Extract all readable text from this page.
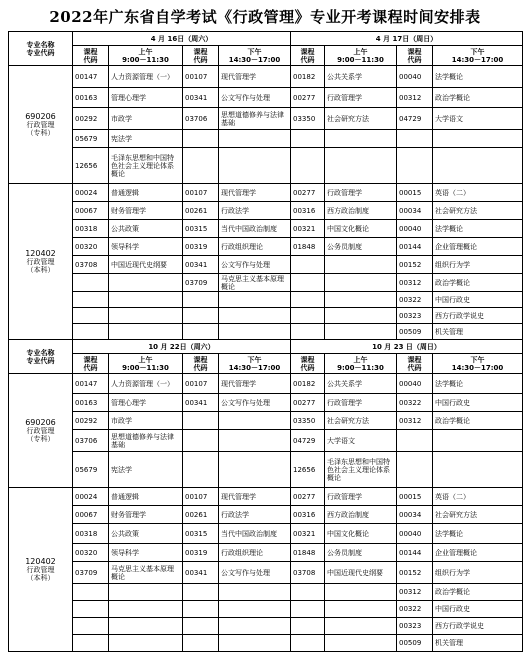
2022年广东省自学考试《行政管理》专业开考课程时间安排表
专业名称
专业代码	4 月 16日（周六）				4 月 17日（周日）			
	课程
代码	上午
9:00－11:30	课程
代码	下午
14:30－17:00	课程
代码	上午
9:00－11:30	课程
代码	下午
14:30－17:00

690206
行政管理
（专科）	00147	人力资源管理（一）	00107	现代管理学	00182	公共关系学	00040	法学概论
	00163	管理心理学	00341	公文写作与处理	00277	行政管理学	00312	政治学概论
	00292	市政学	03706	思想道德修养与法律基础	03350	社会研究方法	04729	大学语文
	05679	宪法学						
	12656	毛泽东思想和中国特色社会主义理论体系概论						

120402
行政管理
（本科）	00024	普通逻辑	00107	现代管理学	00277	行政管理学	00015	英语（二）
	00067	财务管理学	00261	行政法学	00316	西方政治制度	00034	社会研究方法
	00318	公共政策	00315	当代中国政治制度	00321	中国文化概论	00040	法学概论
	00320	领导科学	00319	行政组织理论	01848	公务员制度	00144	企业管理概论
	03708	中国近现代史纲要	00341	公文写作与处理			00152	组织行为学
			03709	马克思主义基本原理概论			00312	政治学概论
							00322	中国行政史
							00323	西方行政学说史
							00509	机关管理
专业名称
专业代码	10 月 22日（周六）				10 月 23 日（周日）			
	课程
代码	上午
9:00－11:30	课程
代码	下午
14:30－17:00	课程
代码	上午
9:00－11:30	课程
代码	下午
14:30－17:00

690206
行政管理
（专科）	00147	人力资源管理（一）	00107	现代管理学	00182	公共关系学	00040	法学概论
	00163	管理心理学	00341	公文写作与处理	00277	行政管理学	00322	中国行政史
	00292	市政学			03350	社会研究方法	00312	政治学概论
	03706	思想道德修养与法律基础			04729	大学语文		
	05679	宪法学			12656	毛泽东思想和中国特色社会主义理论体系概论		

120402
行政管理
（本科）	00024	普通逻辑	00107	现代管理学	00277	行政管理学	00015	英语（二）
	00067	财务管理学	00261	行政法学	00316	西方政治制度	00034	社会研究方法
	00318	公共政策	00315	当代中国政治制度	00321	中国文化概论	00040	法学概论
	00320	领导科学	00319	行政组织理论	01848	公务员制度	00144	企业管理概论
	03709	马克思主义基本原理概论	00341	公文写作与处理	03708	中国近现代史纲要	00152	组织行为学
							00312	政治学概论
							00322	中国行政史
							00323	西方行政学说史
							00509	机关管理
